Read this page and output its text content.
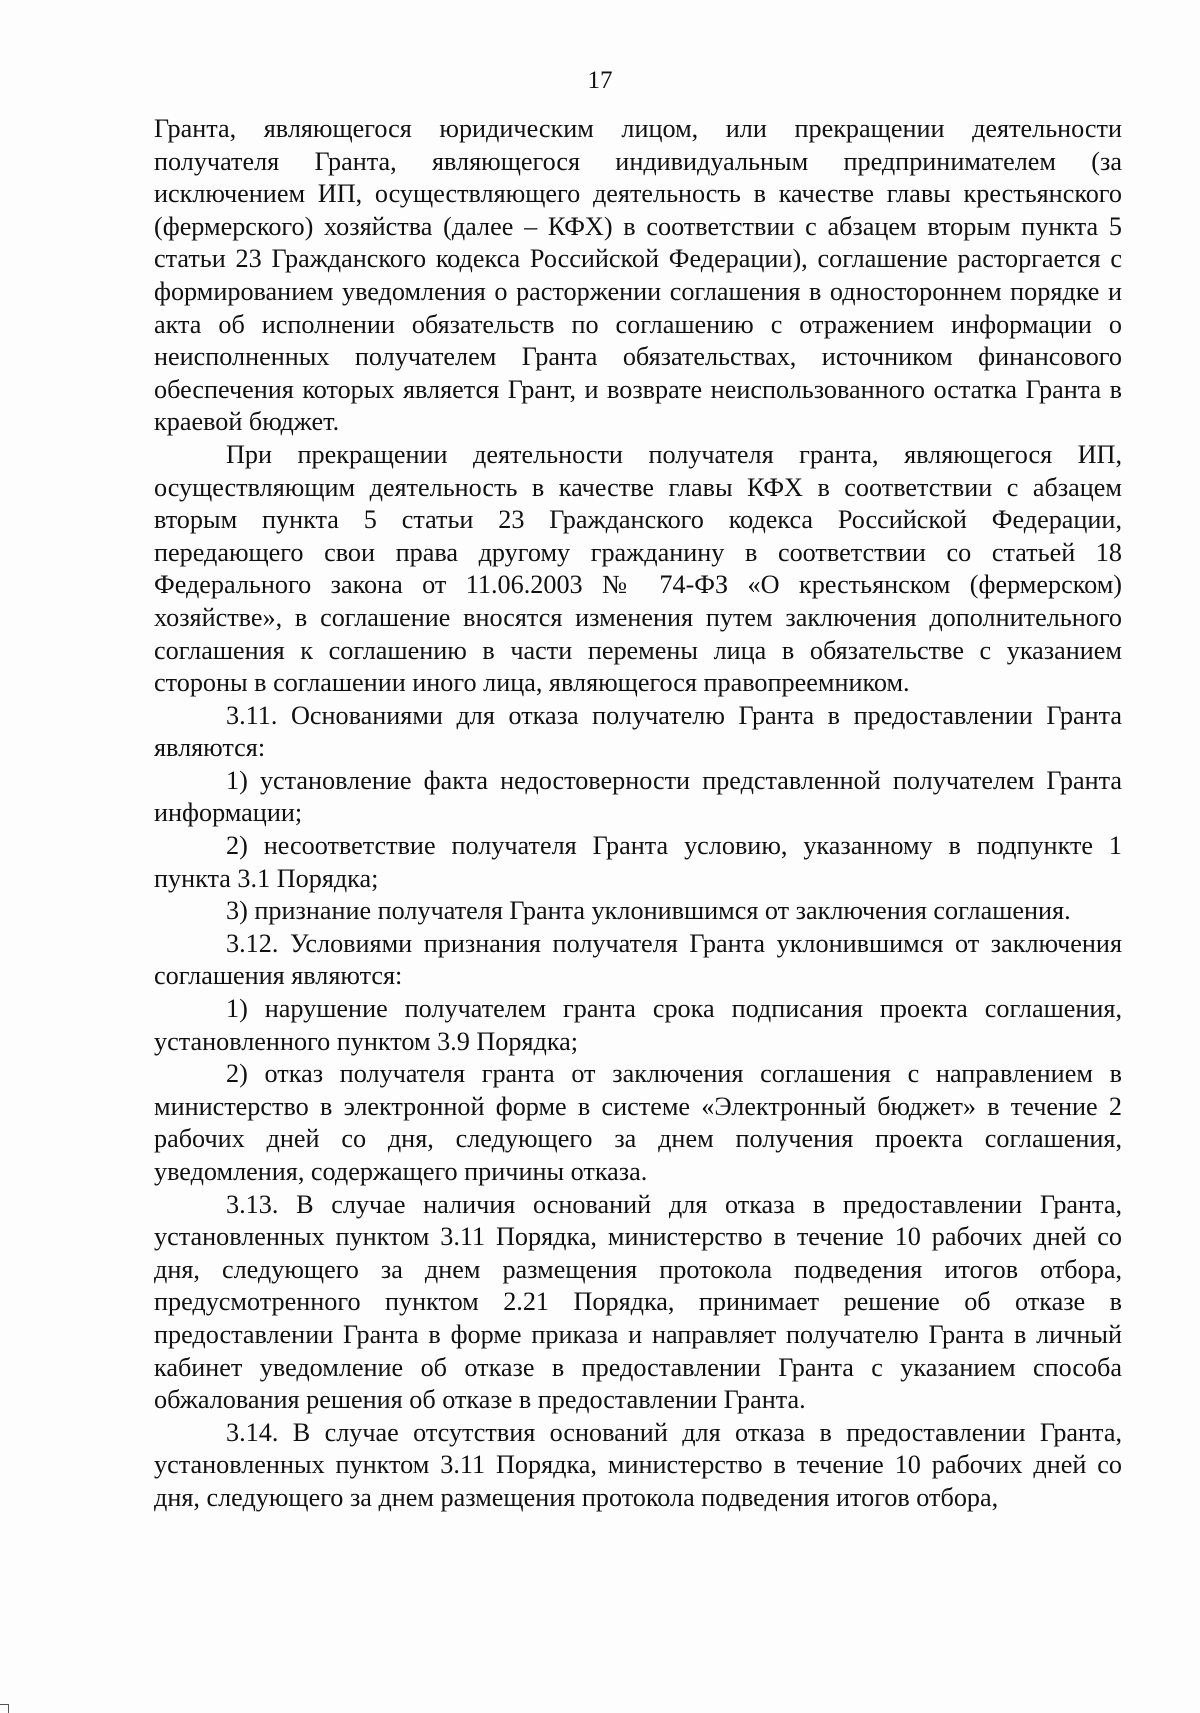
17

Гранта, являющегося юридическим лицом, или прекращении деятельности получателя Гранта, являющегося индивидуальным предпринимателем (за исключением ИП, осуществляющего деятельность в качестве главы крестьянского (фермерского) хозяйства (далее – КФХ) в соответствии с абзацем вторым пункта 5 статьи 23 Гражданского кодекса Российской Федерации), соглашение расторгается с формированием уведомления о расторжении соглашения в одностороннем порядке и акта об исполнении обязательств по соглашению с отражением информации о неисполненных получателем Гранта обязательствах, источником финансового обеспечения которых является Грант, и возврате неиспользованного остатка Гранта в краевой бюджет.

При прекращении деятельности получателя гранта, являющегося ИП, осуществляющим деятельность в качестве главы КФХ в соответствии с абзацем вторым пункта 5 статьи 23 Гражданского кодекса Российской Федерации, передающего свои права другому гражданину в соответствии со статьей 18 Федерального закона от 11.06.2003 № 74-ФЗ «О крестьянском (фермерском) хозяйстве», в соглашение вносятся изменения путем заключения дополнительного соглашения к соглашению в части перемены лица в обязательстве с указанием стороны в соглашении иного лица, являющегося правопреемником.

3.11. Основаниями для отказа получателю Гранта в предоставлении Гранта являются:

1) установление факта недостоверности представленной получателем Гранта информации;

2) несоответствие получателя Гранта условию, указанному в подпункте 1 пункта 3.1 Порядка;

3) признание получателя Гранта уклонившимся от заключения соглашения.

3.12. Условиями признания получателя Гранта уклонившимся от заключения соглашения являются:

1) нарушение получателем гранта срока подписания проекта соглашения, установленного пунктом 3.9 Порядка;

2) отказ получателя гранта от заключения соглашения с направлением в министерство в электронной форме в системе «Электронный бюджет» в течение 2 рабочих дней со дня, следующего за днем получения проекта соглашения, уведомления, содержащего причины отказа.

3.13. В случае наличия оснований для отказа в предоставлении Гранта, установленных пунктом 3.11 Порядка, министерство в течение 10 рабочих дней со дня, следующего за днем размещения протокола подведения итогов отбора, предусмотренного пунктом 2.21 Порядка, принимает решение об отказе в предоставлении Гранта в форме приказа и направляет получателю Гранта в личный кабинет уведомление об отказе в предоставлении Гранта с указанием способа обжалования решения об отказе в предоставлении Гранта.

3.14. В случае отсутствия оснований для отказа в предоставлении Гранта, установленных пунктом 3.11 Порядка, министерство в течение 10 рабочих дней со дня, следующего за днем размещения протокола подведения итогов отбора,
